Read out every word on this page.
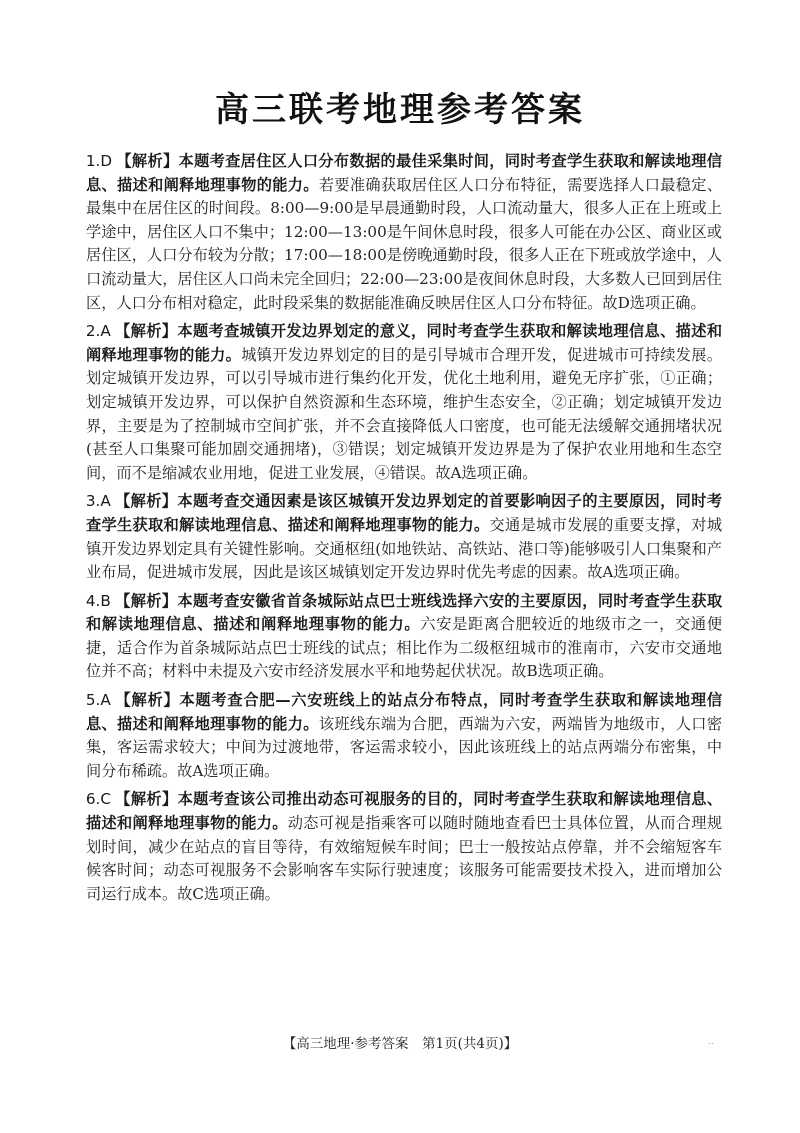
高三联考地理参考答案

1.D 【解析】本题考查居住区人口分布数据的最佳采集时间，同时考查学生获取和解读地理信息、描述和阐释地理事物的能力。若要准确获取居住区人口分布特征，需要选择人口最稳定、最集中在居住区的时间段。8:00—9:00是早晨通勤时段，人口流动量大，很多人正在上班或上学途中，居住区人口不集中；12:00—13:00是午间休息时段，很多人可能在办公区、商业区或居住区，人口分布较为分散；17:00—18:00是傍晚通勤时段，很多人正在下班或放学途中，人口流动量大，居住区人口尚未完全回归；22:00—23:00是夜间休息时段，大多数人已回到居住区，人口分布相对稳定，此时段采集的数据能准确反映居住区人口分布特征。故D选项正确。

2.A 【解析】本题考查城镇开发边界划定的意义，同时考查学生获取和解读地理信息、描述和阐释地理事物的能力。城镇开发边界划定的目的是引导城市合理开发，促进城市可持续发展。划定城镇开发边界，可以引导城市进行集约化开发，优化土地利用，避免无序扩张，①正确；划定城镇开发边界，可以保护自然资源和生态环境，维护生态安全，②正确；划定城镇开发边界，主要是为了控制城市空间扩张，并不会直接降低人口密度，也可能无法缓解交通拥堵状况(甚至人口集聚可能加剧交通拥堵)，③错误；划定城镇开发边界是为了保护农业用地和生态空间，而不是缩减农业用地，促进工业发展，④错误。故A选项正确。

3.A 【解析】本题考查交通因素是该区城镇开发边界划定的首要影响因子的主要原因，同时考查学生获取和解读地理信息、描述和阐释地理事物的能力。交通是城市发展的重要支撑，对城镇开发边界划定具有关键性影响。交通枢纽(如地铁站、高铁站、港口等)能够吸引人口集聚和产业布局，促进城市发展，因此是该区城镇划定开发边界时优先考虑的因素。故A选项正确。

4.B 【解析】本题考查安徽省首条城际站点巴士班线选择六安的主要原因，同时考查学生获取和解读地理信息、描述和阐释地理事物的能力。六安是距离合肥较近的地级市之一，交通便捷，适合作为首条城际站点巴士班线的试点；相比作为二级枢纽城市的淮南市，六安市交通地位并不高；材料中未提及六安市经济发展水平和地势起伏状况。故B选项正确。

5.A 【解析】本题考查合肥—六安班线上的站点分布特点，同时考查学生获取和解读地理信息、描述和阐释地理事物的能力。该班线东端为合肥，西端为六安，两端皆为地级市，人口密集，客运需求较大；中间为过渡地带，客运需求较小，因此该班线上的站点两端分布密集，中间分布稀疏。故A选项正确。

6.C 【解析】本题考查该公司推出动态可视服务的目的，同时考查学生获取和解读地理信息、描述和阐释地理事物的能力。动态可视是指乘客可以随时随地查看巴士具体位置，从而合理规划时间，减少在站点的盲目等待，有效缩短候车时间；巴士一般按站点停靠，并不会缩短客车候客时间；动态可视服务不会影响客车实际行驶速度；该服务可能需要技术投入，进而增加公司运行成本。故C选项正确。

【高三地理·参考答案　第1页(共4页)】	..
